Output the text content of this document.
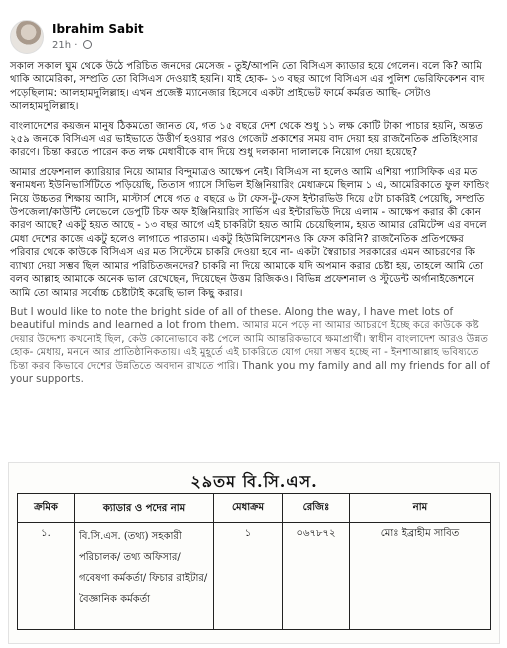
Ibrahim Sabit
21h ·

সকাল সকাল ঘুম থেকে উঠে পরিচিত জনদের মেসেজ - তুই/আপনি তো বিসিএস ক্যাডার হয়ে গেলেন। বলে কি? আমি থাকি আমেরিকা, সম্প্রতি তো বিসিএস দেওয়াই হয়নি। যাই হোক- ১৩ বছর আগে বিসিএস এর পুলিশ ভেরিফিকেশন বাদ পড়েছিলাম: আলহামদুলিল্লাহ। এখন প্রজেক্ট ম্যানেজার হিসেবে একটা প্রাইভেট ফার্মে কর্মরত আছি- সেটাও আলহামদুলিল্লাহ।

বাংলাদেশের কয়জন মানুষ ঠিকমতো জানত যে, গত ১৫ বছরে দেশ থেকে শুধু ১১ লক্ষ কোটি টাকা পাচার হয়নি, অন্তত ২৫৯ জনকে বিসিএস এর ভাইভাতে উত্তীর্ণ হওয়ার পরও গেজেট প্রকাশের সময় বাদ দেয়া হয় রাজনৈতিক প্রতিহিংসার কারণে। চিন্তা করতে পারেন কত লক্ষ মেধাবীকে বাদ দিয়ে শুধু দলকানা দালালকে নিয়োগ দেয়া হয়েছে?

আমার প্রফেশনাল ক্যারিয়ার নিয়ে আমার বিন্দুমাত্রও আক্ষেপ নেই। বিসিএস না হলেও আমি এশিয়া প্যাসিফিক এর মত স্বনামধন্য ইউনিভার্সিটিতে পড়িয়েছি, তিতাস গ্যাসে সিভিল ইঞ্জিনিয়ারিং মেধাক্রমে ছিলাম ১ এ, আমেরিকাতে ফুল ফান্ডিং নিয়ে উচ্চতর শিক্ষায় আসি, মাস্টার্স শেষে গত ৫ বছরে ৬ টা ফেস-টু-ফেস ইন্টারভিউ দিয়ে ৫টা চাকরিই পেয়েছি, সম্প্রতি উপজেলা/কাউন্টি লেভেলে ডেপুটি চিফ অফ ইঞ্জিনিয়ারিং সার্ভিস এর ইন্টারভিউ দিয়ে এলাম - আক্ষেপ করার কী কোন কারণ আছে? একটু হয়ত আছে - ১৩ বছর আগে এই চাকরিটা হয়ত আমি চেয়েছিলাম, হয়ত আমার রেমিটেন্স এর বদলে মেধা দেশের কাজে একটু হলেও লাগাতে পারতাম। একটু হিউমিলিয়েশনও কি ফেস করিনি? রাজনৈতিক প্রতিপক্ষের পরিবার থেকে কাউকে বিসিএস এর মত সিস্টেমে চাকরি দেওয়া হবে না- একটা স্বৈরাচার সরকারের এমন আচরণের কি ব্যাখ্যা দেয়া সম্ভব ছিল আমার পরিচিতজনদের? চাকরি না দিয়ে আমাকে যদি অপমান করার চেষ্টা হয়, তাহলে আমি তো বলব আল্লাহ আমাকে অনেক ভাল রেখেছেন, দিয়েছেন উত্তম রিজিকও। বিভিন্ন প্রফেশনাল ও স্টুডেন্ট অর্গানাইজেশনে আমি তো আমার সর্বোচ্চ চেষ্টাটাই করেছি ভাল কিছু করার।

But I would like to note the bright side of all of these. Along the way, I have met lots of beautiful minds and learned a lot from them. আমার মনে পড়ে না আমার আচরণে ইচ্ছে করে কাউকে কষ্ট দেয়ার উদ্দেশ্য কখনোই ছিল, কেউ কোনোভাবে কষ্ট পেলে আমি আন্তরিকভাবে ক্ষমাপ্রার্থী। স্বাধীন বাংলাদেশ আরও উন্নত হোক- মেধায়, মননে আর প্রাতিষ্ঠানিকতায়। এই মুহূর্তে এই চাকরিতে যোগ দেয়া সম্ভব হচ্ছে না - ইনশাআল্লাহ ভবিষ্যতে চিন্তা করব কিভাবে দেশের উন্নতিতে অবদান রাখতে পারি। Thank you my family and all my friends for all of your supports.

২৯তম বি.সি.এস.
ক্রমিক	ক্যাডার ও পদের নাম	মেধাক্রম	রেজিঃ	নাম
১.	বি.সি.এস. (তথ্য) সহকারী পরিচালক/ তথ্য অফিসার/ গবেষণা কর্মকর্তা/ ফিচার রাইটার/ বৈজ্ঞানিক কর্মকর্তা	১	০৬৭৮৭২	মোঃ ইব্রাহীম সাবিত
